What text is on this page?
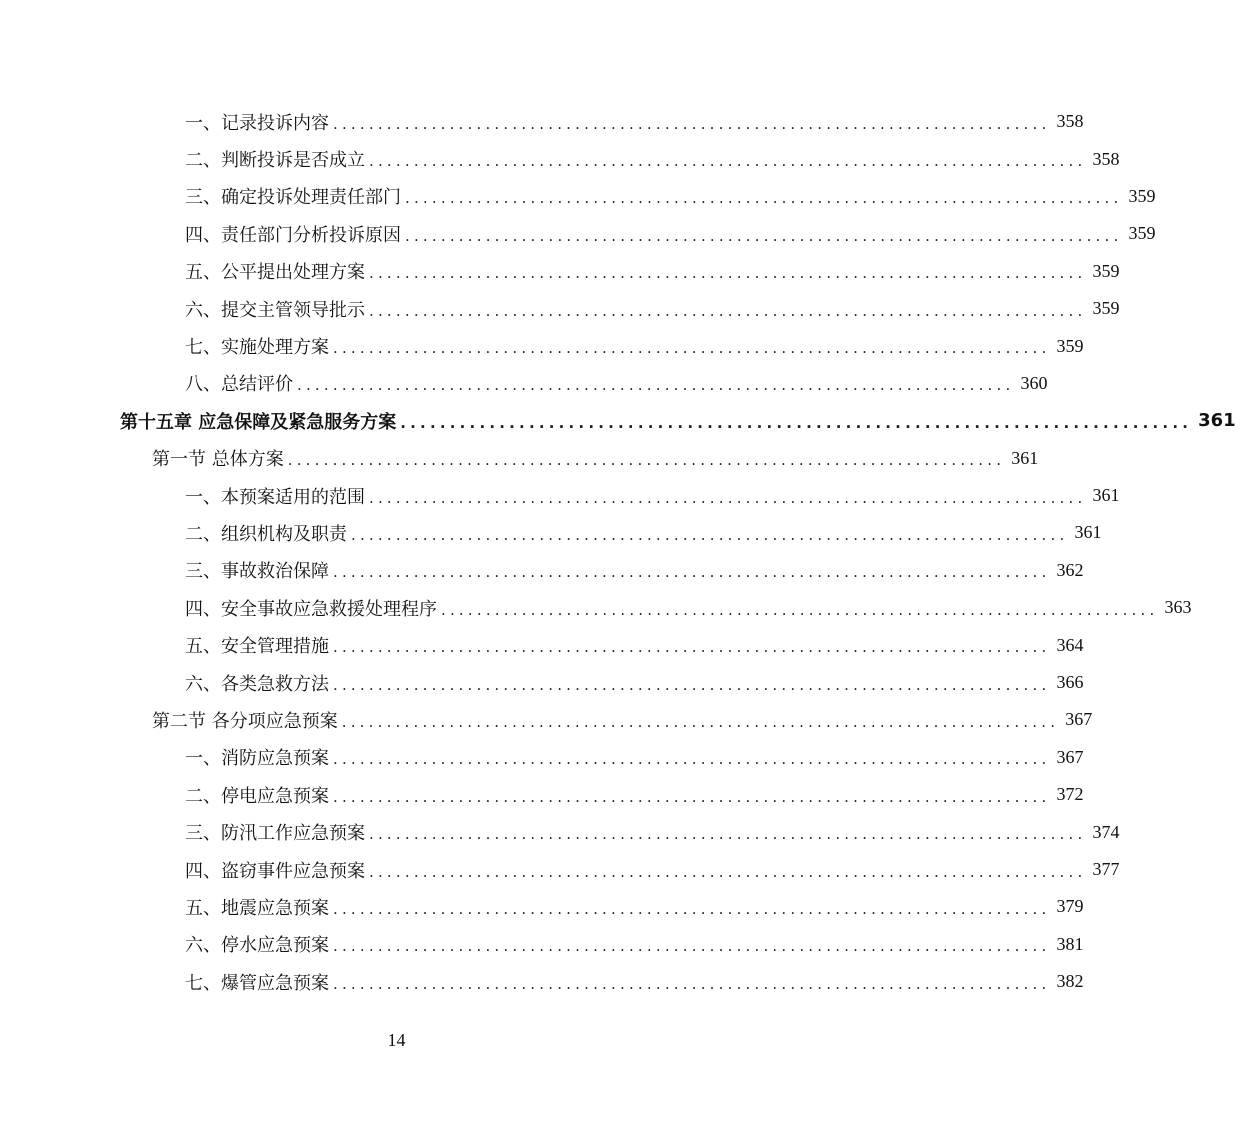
一、记录投诉内容 ................................................................................ 358
二、判断投诉是否成立 ................................................................................ 358
三、确定投诉处理责任部门 ................................................................................ 359
四、责任部门分析投诉原因 ................................................................................ 359
五、公平提出处理方案 ................................................................................ 359
六、提交主管领导批示 ................................................................................ 359
七、实施处理方案 ................................................................................ 359
八、总结评价 ................................................................................ 360
第十五章 应急保障及紧急服务方案 ................................................................................ 361
第一节 总体方案 ................................................................................ 361
一、本预案适用的范围 ................................................................................ 361
二、组织机构及职责 ................................................................................ 361
三、事故救治保障 ................................................................................ 362
四、安全事故应急救援处理程序 ................................................................................ 363
五、安全管理措施 ................................................................................ 364
六、各类急救方法 ................................................................................ 366
第二节 各分项应急预案 ................................................................................ 367
一、消防应急预案 ................................................................................ 367
二、停电应急预案 ................................................................................ 372
三、防汛工作应急预案 ................................................................................ 374
四、盗窃事件应急预案 ................................................................................ 377
五、地震应急预案 ................................................................................ 379
六、停水应急预案 ................................................................................ 381
七、爆管应急预案 ................................................................................ 382
14
